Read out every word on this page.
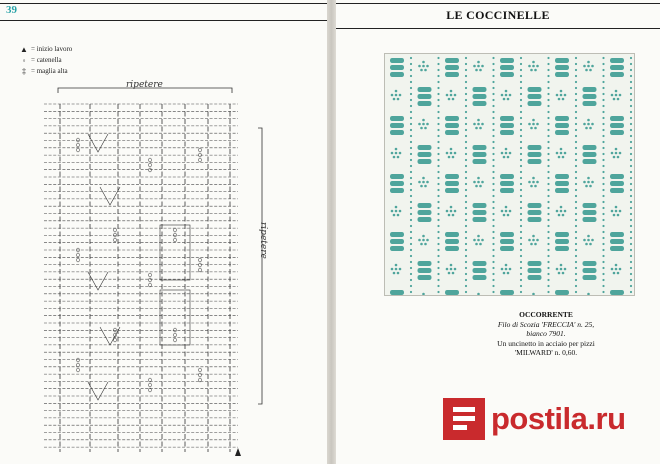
39
▲ = inizio lavoro
◦ = catenella
‡ = maglia alta
ripetere
ripetere
LE COCCINELLE
OCCORRENTE
Filo di Scozia 'FRECCIA' n. 25,
bianco 7901.
Un uncinetto in acciaio per pizzi
'MILWARD' n. 0,60.
postila.ru
